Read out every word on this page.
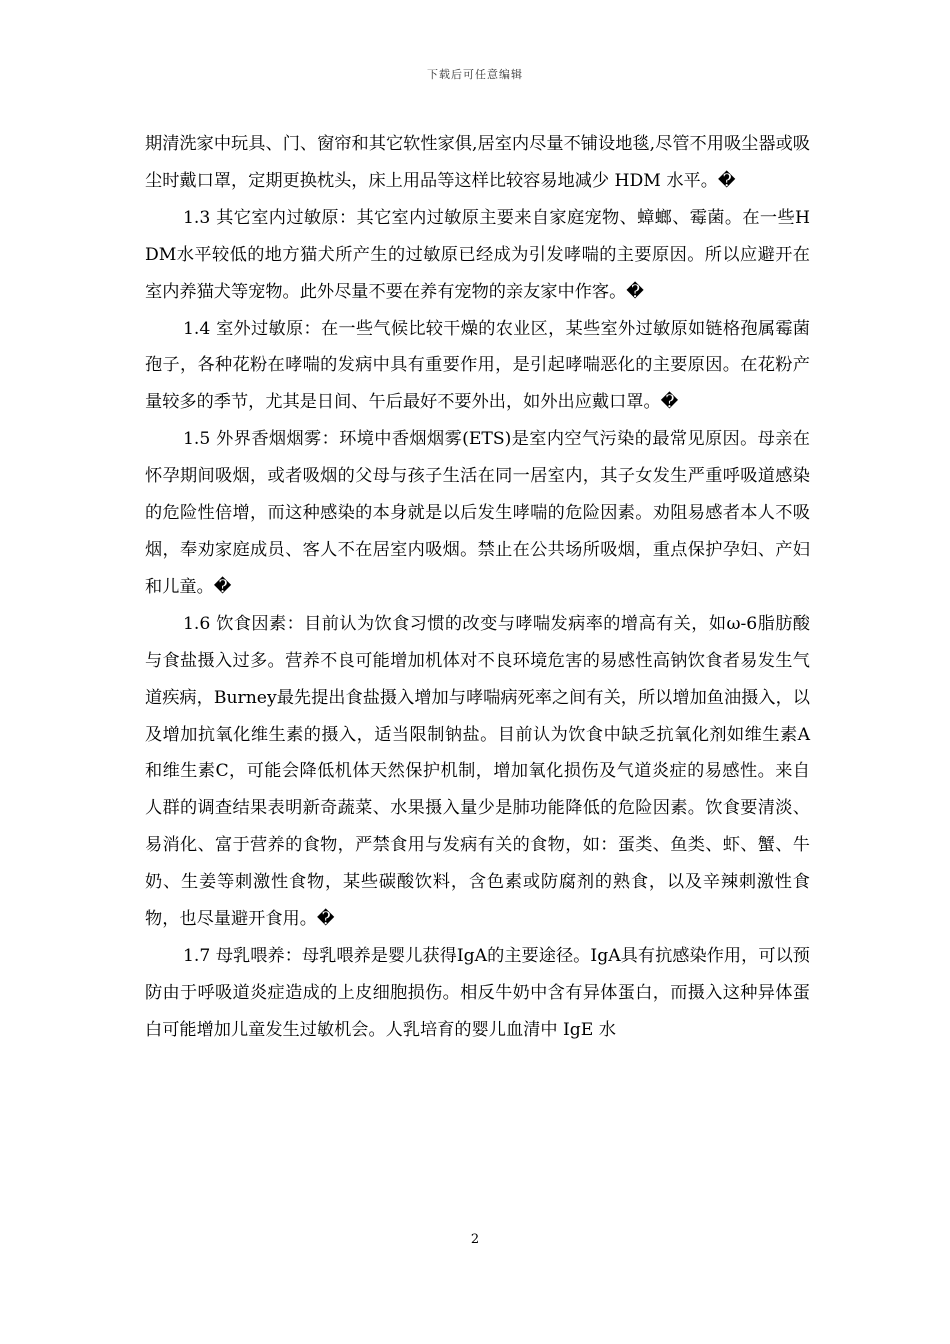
下载后可任意编辑

期清洗家中玩具、门、窗帘和其它软性家俱,居室内尽量不铺设地毯,尽管不用吸尘器或吸尘时戴口罩，定期更换枕头，床上用品等这样比较容易地减少 HDM 水平。�

1.3 其它室内过敏原：其它室内过敏原主要来自家庭宠物、蟑螂、霉菌。在一些HDM水平较低的地方猫犬所产生的过敏原已经成为引发哮喘的主要原因。所以应避开在室内养猫犬等宠物。此外尽量不要在养有宠物的亲友家中作客。�

1.4 室外过敏原：在一些气候比较干燥的农业区，某些室外过敏原如链格孢属霉菌孢子，各种花粉在哮喘的发病中具有重要作用，是引起哮喘恶化的主要原因。在花粉产量较多的季节，尤其是日间、午后最好不要外出，如外出应戴口罩。�

1.5 外界香烟烟雾：环境中香烟烟雾(ETS)是室内空气污染的最常见原因。母亲在怀孕期间吸烟，或者吸烟的父母与孩子生活在同一居室内，其子女发生严重呼吸道感染的危险性倍增，而这种感染的本身就是以后发生哮喘的危险因素。劝阻易感者本人不吸烟，奉劝家庭成员、客人不在居室内吸烟。禁止在公共场所吸烟，重点保护孕妇、产妇和儿童。�

1.6 饮食因素：目前认为饮食习惯的改变与哮喘发病率的增高有关，如ω-6脂肪酸与食盐摄入过多。营养不良可能增加机体对不良环境危害的易感性高钠饮食者易发生气道疾病，Burney最先提出食盐摄入增加与哮喘病死率之间有关，所以增加鱼油摄入，以及增加抗氧化维生素的摄入，适当限制钠盐。目前认为饮食中缺乏抗氧化剂如维生素A和维生素C，可能会降低机体天然保护机制，增加氧化损伤及气道炎症的易感性。来自人群的调查结果表明新奇蔬菜、水果摄入量少是肺功能降低的危险因素。饮食要清淡、易消化、富于营养的食物，严禁食用与发病有关的食物，如：蛋类、鱼类、虾、蟹、牛奶、生姜等刺激性食物，某些碳酸饮料，含色素或防腐剂的熟食，以及辛辣刺激性食物，也尽量避开食用。�

1.7 母乳喂养：母乳喂养是婴儿获得IgA的主要途径。IgA具有抗感染作用，可以预防由于呼吸道炎症造成的上皮细胞损伤。相反牛奶中含有异体蛋白，而摄入这种异体蛋白可能增加儿童发生过敏机会。人乳培育的婴儿血清中 IgE 水

2
